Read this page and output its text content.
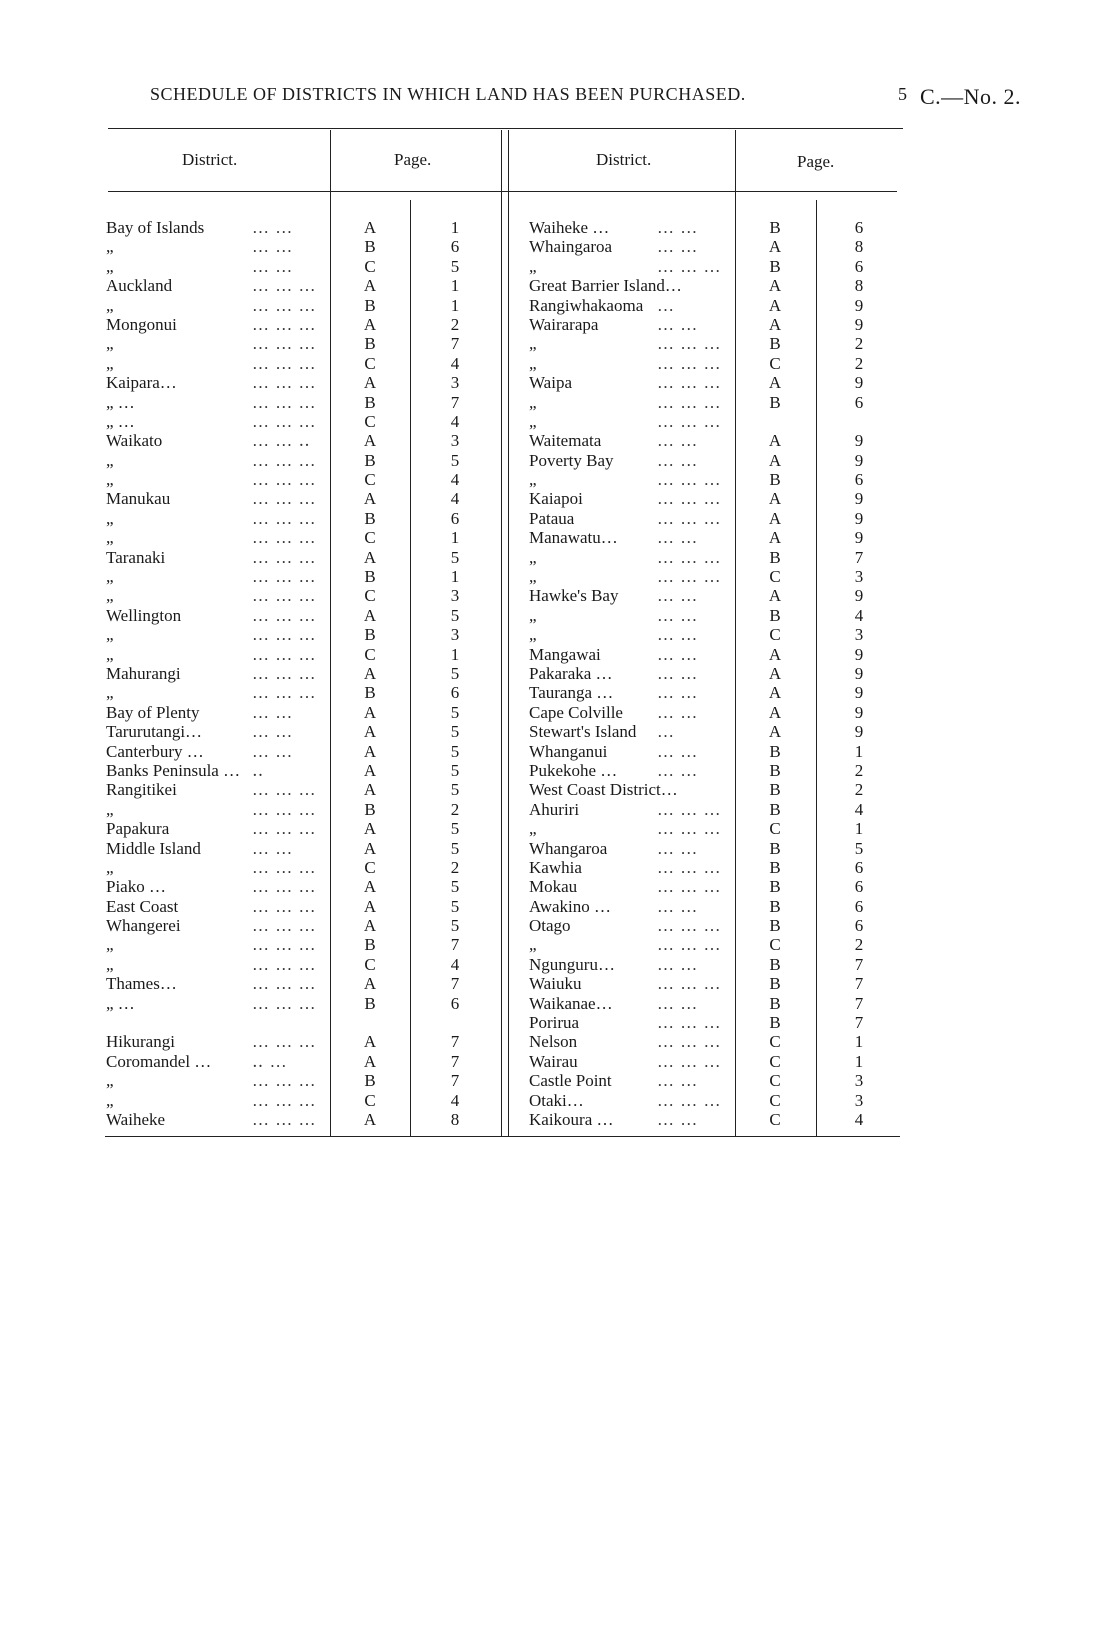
SCHEDULE OF DISTRICTS IN WHICH LAND HAS BEEN PURCHASED.	5 C.—No. 2.
District.	Page.	District.	Page.
Bay of Islands	… …	A	1
„	… …	B	6
„	… …	C	5
Auckland	… … …	A	1
„	… … …	B	1
Mongonui	… … …	A	2
„	… … …	B	7
„	… … …	C	4
Kaipara…	… … …	A	3
„ …	… … …	B	7
„ …	… … …	C	4
Waikato	… … ‥	A	3
„	… … …	B	5
„	… … …	C	4
Manukau	… … …	A	4
„	… … …	B	6
„	… … …	C	1
Taranaki	… … …	A	5
„	… … …	B	1
„	… … …	C	3
Wellington	… … …	A	5
„	… … …	B	3
„	… … …	C	1
Mahurangi	… … …	A	5
„	… … …	B	6
Bay of Plenty	… …	A	5
Tarurutangi…	… …	A	5
Canterbury …	… …	A	5
Banks Peninsula … ‥	A	5
Rangitikei	… … …	A	5
„	… … …	B	2
Papakura	… … …	A	5
Middle Island	… …	A	5
„	… … …	C	2
Piako …	… … …	A	5
East Coast	… … …	A	5
Whangerei	… … …	A	5
„	… … …	B	7
„	… … …	C	4
Thames…	… … …	A	7
„ …	… … …	B	6
Hikurangi	… … …	A	7
Coromandel … ‥ …	A	7
„	… … …	B	7
„	… … …	C	4
Waiheke	… … …	A	8
Waiheke …	… …	B	6
Whaingaroa	… …	A	8
„	… … …	B	6
Great Barrier Island…	A	8
Rangiwhakaoma …	A	9
Wairarapa	… …	A	9
„	… … …	B	2
„	… … …	C	2
Waipa	… … …	A	9
„	… … …	B	6
„	… … …
Waitemata	… …	A	9
Poverty Bay	… …	A	9
„	… … …	B	6
Kaiapoi	… … …	A	9
Pataua	… … …	A	9
Manawatu… … …	A	9
„	… … …	B	7
„	… … …	C	3
Hawke's Bay … …	A	9
„	… …	B	4
„	… …	C	3
Mangawai	… …	A	9
Pakaraka …	… …	A	9
Tauranga …	… …	A	9
Cape Colville … …	A	9
Stewart's Island …	A	9
Whanganui	… …	B	1
Pukekohe … … …	B	2
West Coast District…	B	2
Ahuriri	… … …	B	4
„	… … …	C	1
Whangaroa	… …	B	5
Kawhia	… … …	B	6
Mokau	… … …	B	6
Awakino …	… …	B	6
Otago	… … …	B	6
„	… … …	C	2
Ngunguru… … …	B	7
Waiuku	… … …	B	7
Waikanae…	… …	B	7
Porirua	… … …	B	7
Nelson	… … …	C	1
Wairau	… … …	C	1
Castle Point	… …	C	3
Otaki…	… … …	C	3
Kaikoura …	… …	C	4
